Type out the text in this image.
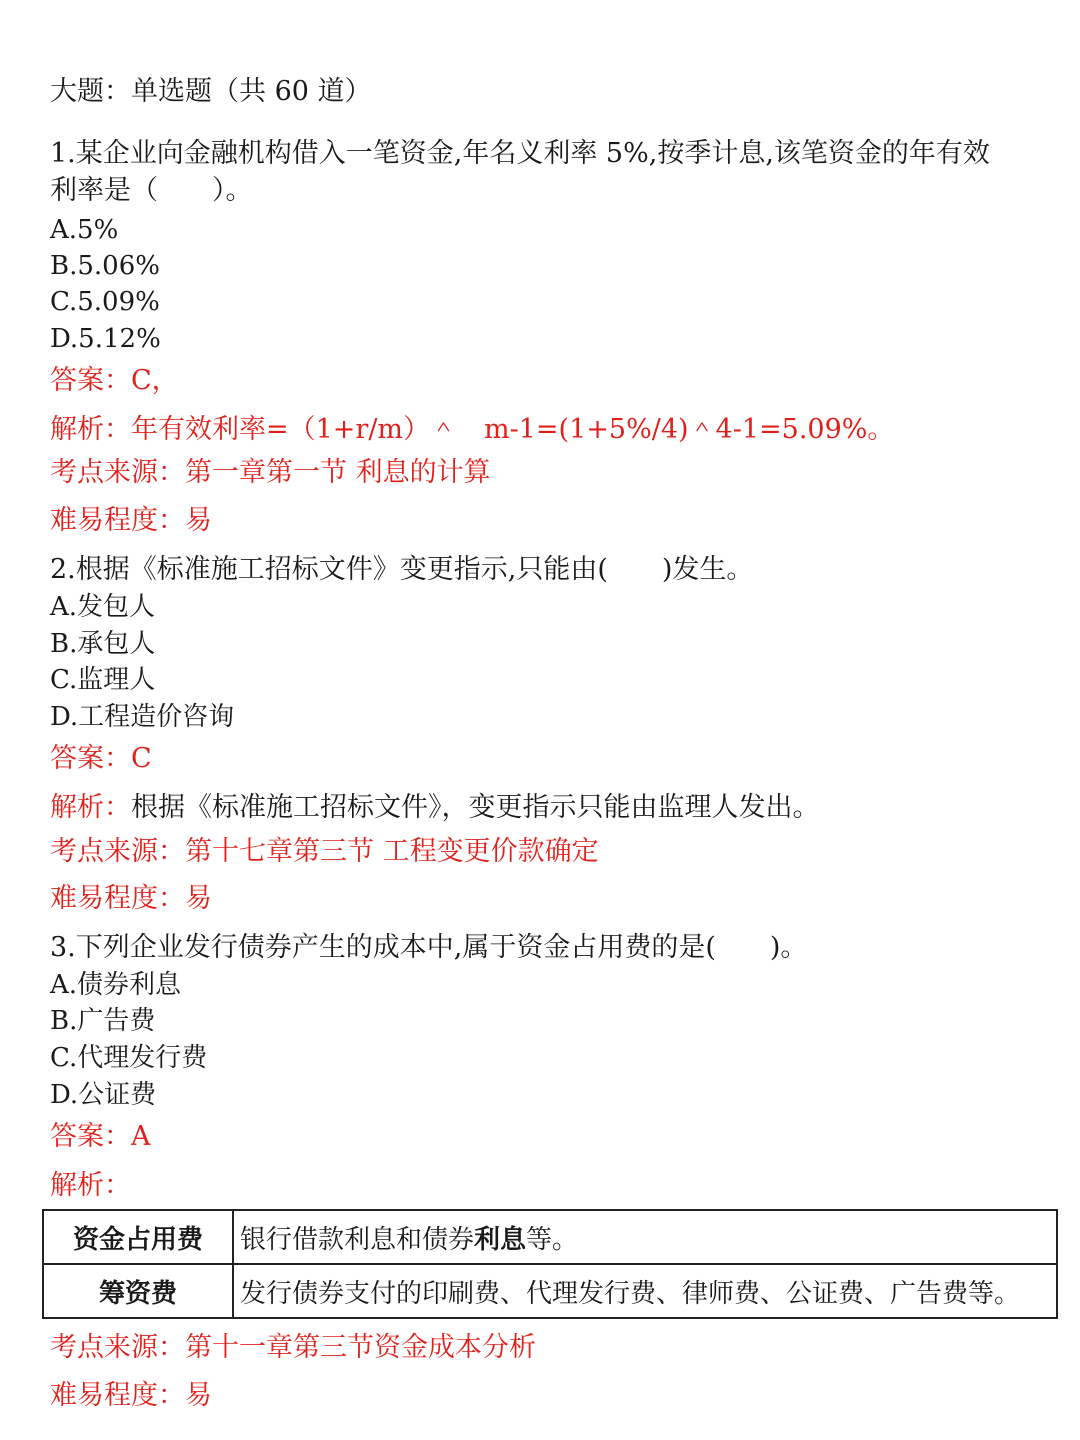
大题：单选题（共 60 道）
1.某企业向金融机构借入一笔资金,年名义利率 5%,按季计息,该笔资金的年有效
利率是（　　）。
A.5%
B.5.06%
C.5.09%
D.5.12%
答案：C，
解析：年有效利率=（1+r/m）＾　m-1=(1+5%/4)＾4-1=5.09%。
考点来源：第一章第一节 利息的计算
难易程度：易
2.根据《标准施工招标文件》变更指示,只能由(　　)发生。
A.发包人
B.承包人
C.监理人
D.工程造价咨询
答案：C
解析：根据《标准施工招标文件》，变更指示只能由监理人发出。
考点来源：第十七章第三节 工程变更价款确定
难易程度：易
3.下列企业发行债券产生的成本中,属于资金占用费的是(　　)。
A.债券利息
B.广告费
C.代理发行费
D.公证费
答案：A
解析：
资金占用费	银行借款利息和债券利息等。
筹资费	发行债券支付的印刷费、代理发行费、律师费、公证费、广告费等。
考点来源：第十一章第三节资金成本分析
难易程度：易
